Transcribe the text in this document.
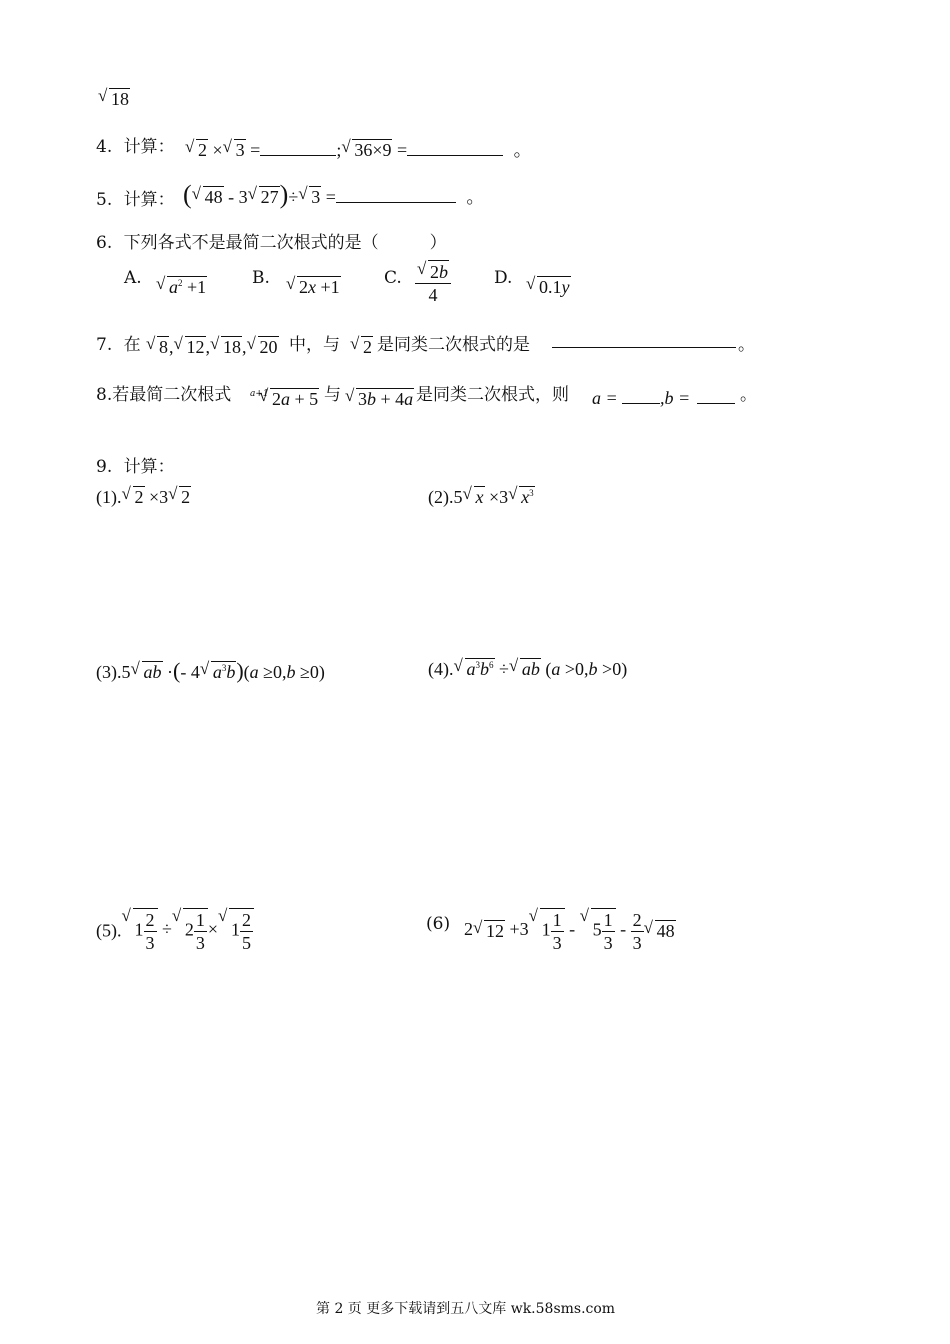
√ 18
4. 计算：	√ 2 × √ 3 =	; √ 36×9 =	。
5. 计算： ( √ 48 - 3 √ 27)÷ √ 3 =	。
6. 下列各式不是最简二次根式的是（　　　）
A.	√ $a^2 +1$	B.	√ 2x +1	C. √ $\frac{2b}{4}$	D.	√ 0.1y
7. 在	√ 8, √ 12, √ 18, √ 20 中，与	√ 2 是同类二次根式的是	。
8.若最简二次根式 a+1 √ 2a + 5 与 √ 3b + 4a 是同类二次根式，则 a = ,b =	。
9. 计算：
(1). √ 2 ×3 √ 2	(2).5 √ x ×3 √ $x^3$
(3).5 √ ab ·(- 4 √ $a^3b)(a \ge 0,b \ge 0)$	(4). √ $a^3b^6$ ÷ √ ab (a >0,b >0)
(5). √ $1 \frac{2}{3}$ ÷ √ $2 \frac{1}{3}$ × √ $1 \frac{2}{5}$	(6) 2 √ 12 +3 √ $1 \frac{1}{3}$ - √ $5 \frac{1}{3} - \frac{2}{3}$ √ 48
第 2 页 更多下载请到五八文库 wk.58sms.com
